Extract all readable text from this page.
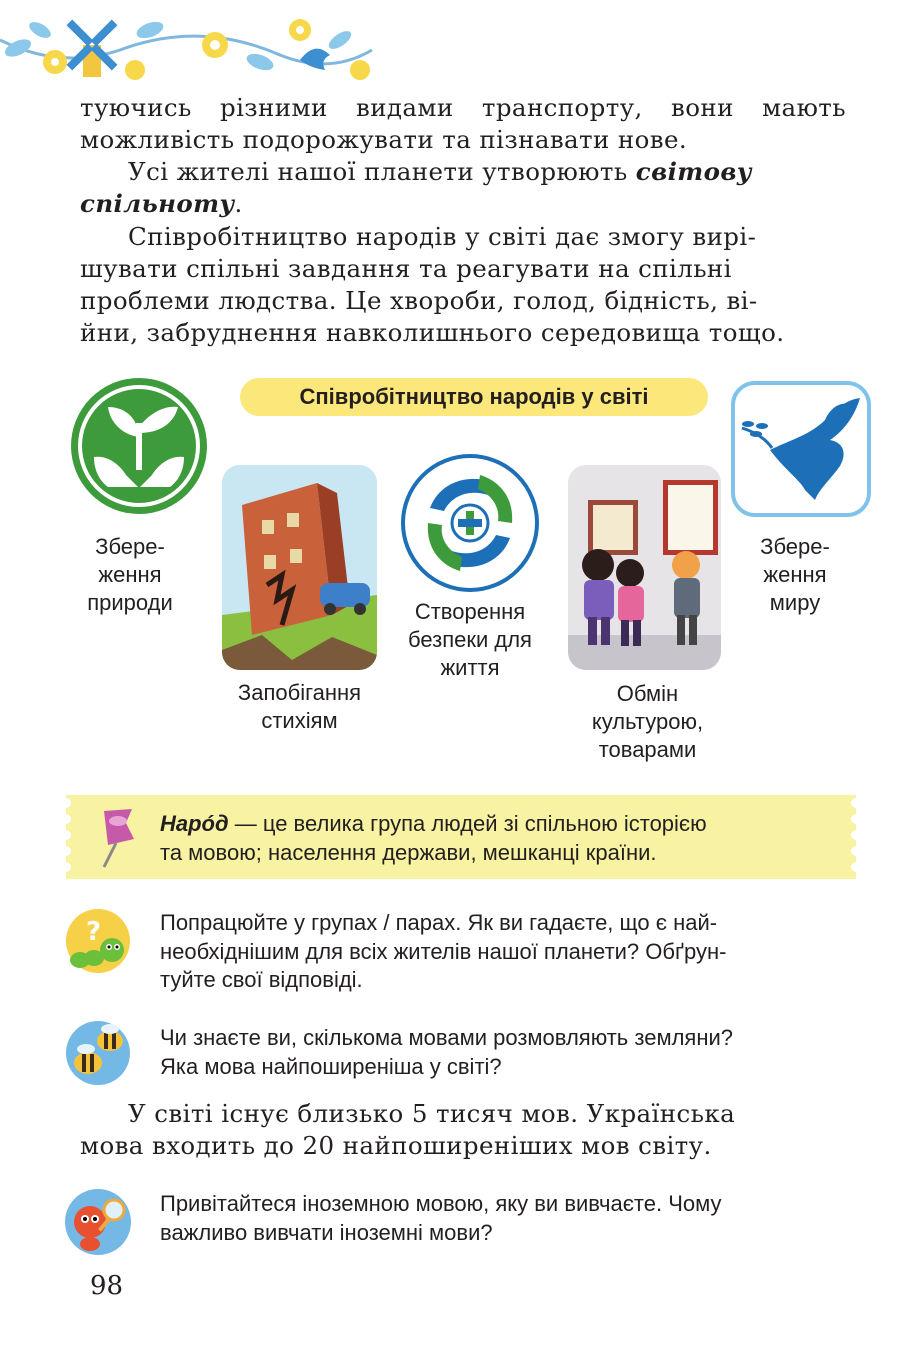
туючись різними видами транспорту, вони мають
можливість подорожувати та пізнавати нове.
Усі жителі нашої планети утворюють світову
спільноту.
Співробітництво народів у світі дає змогу вирі-
шувати спільні завдання та реагувати на спільні
проблеми людства. Це хвороби, голод, бідність, ві-
йни, забруднення навколишнього середовища тощо.
Співробітництво народів у світі
Збере-
ження
природи
Запобігання
стихіям
Створення
безпеки для
життя
Обмін
культурою,
товарами
Збере-
ження
миру
Нарóд — це велика група людей зі спільною історією
та мовою; населення держави, мешканці країни.
?	Попрацюйте у групах / парах. Як ви гадаєте, що є най-
необхіднішим для всіх жителів нашої планети? Обґрун-
туйте свої відповіді.
Чи знаєте ви, скількома мовами розмовляють земляни?
Яка мова найпоширеніша у світі?
У світі існує близько 5 тисяч мов. Українська
мова входить до 20 найпоширеніших мов світу.
Привітайтеся іноземною мовою, яку ви вивчаєте. Чому
важливо вивчати іноземні мови?
98
